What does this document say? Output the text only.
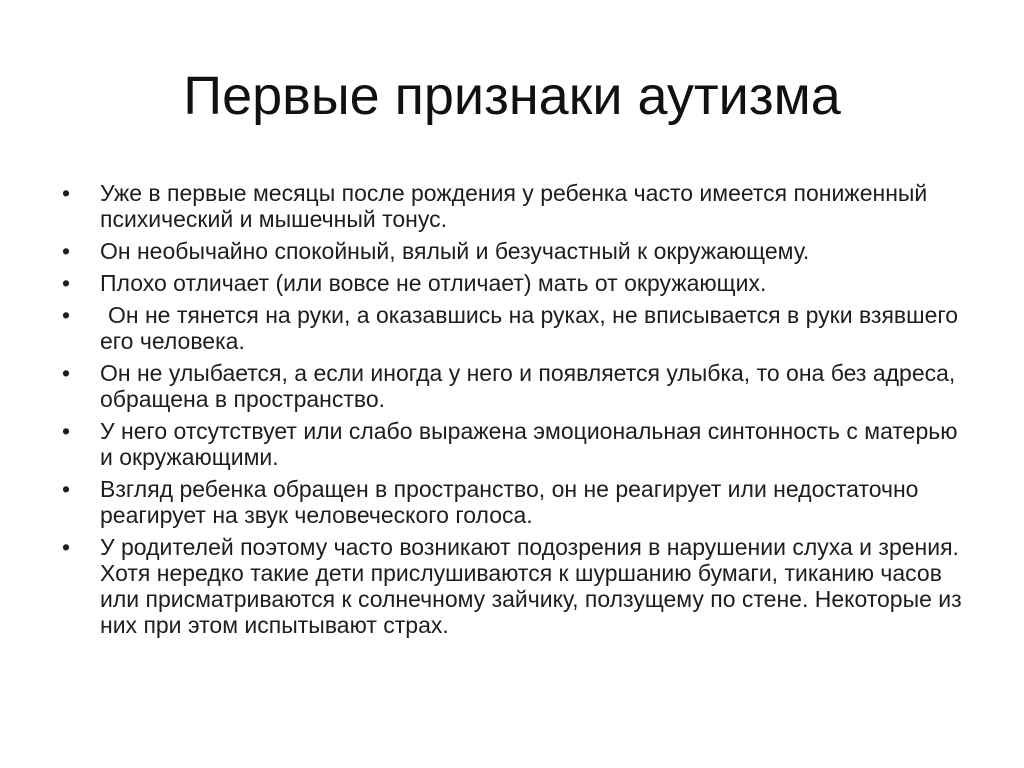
Первые признаки аутизма
•	Уже в первые месяцы после рождения у ребенка часто имеется пониженный психический и мышечный тонус.
•	Он необычайно спокойный, вялый и безучастный к окружающему.
•	Плохо отличает (или вовсе не отличает) мать от окружающих.
•	Он не тянется на руки, а оказавшись на руках, не вписывается в руки взявшего его человека.
•	Он не улыбается, а если иногда у него и появляется улыбка, то она без адреса, обращена в пространство.
•	У него отсутствует или слабо выражена эмоциональная синтонность с матерью и окружающими.
•	Взгляд ребенка обращен в пространство, он не реагирует или недостаточно реагирует на звук человеческого голоса.
•	У родителей поэтому часто возникают подозрения в нарушении слуха и зрения. Хотя нередко такие дети прислушиваются к шуршанию бумаги, тиканию часов или присматриваются к солнечному зайчику, ползущему по стене. Некоторые из них при этом испытывают страх.
